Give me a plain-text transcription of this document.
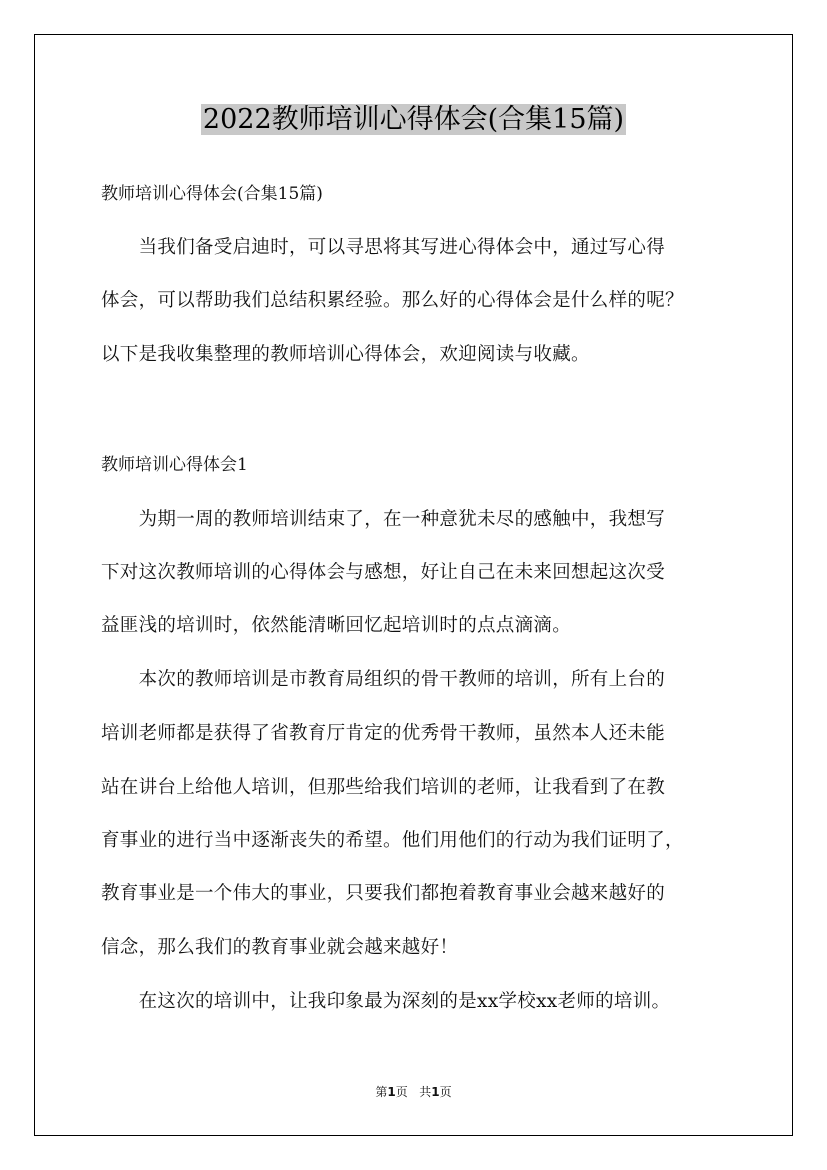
2022教师培训心得体会(合集15篇)
教师培训心得体会(合集15篇)
　　当我们备受启迪时，可以寻思将其写进心得体会中，通过写心得
体会，可以帮助我们总结积累经验。那么好的心得体会是什么样的呢？
以下是我收集整理的教师培训心得体会，欢迎阅读与收藏。
教师培训心得体会1
　　为期一周的教师培训结束了，在一种意犹未尽的感触中，我想写
下对这次教师培训的心得体会与感想，好让自己在未来回想起这次受
益匪浅的培训时，依然能清晰回忆起培训时的点点滴滴。
　　本次的教师培训是市教育局组织的骨干教师的培训，所有上台的
培训老师都是获得了省教育厅肯定的优秀骨干教师，虽然本人还未能
站在讲台上给他人培训，但那些给我们培训的老师，让我看到了在教
育事业的进行当中逐渐丧失的希望。他们用他们的行动为我们证明了，
教育事业是一个伟大的事业，只要我们都抱着教育事业会越来越好的
信念，那么我们的教育事业就会越来越好！
　　在这次的培训中，让我印象最为深刻的是xx学校xx老师的培训。
第1页 共1页
